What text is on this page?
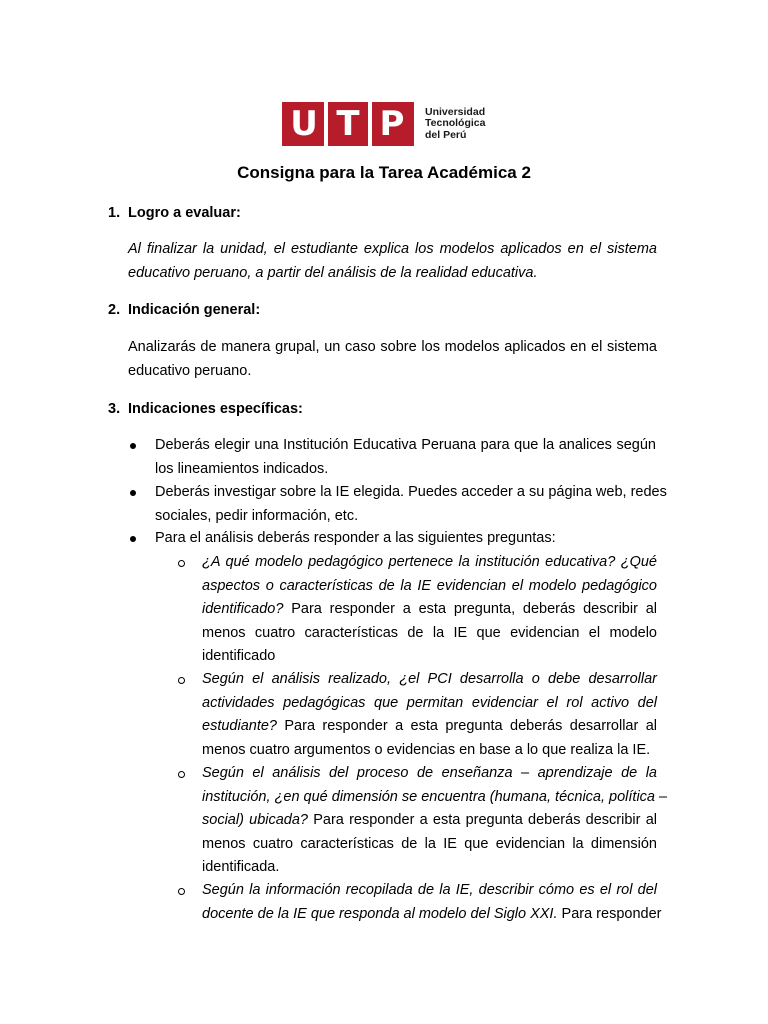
U T P	Universidad
Tecnológica
del Perú
Consigna para la Tarea Académica 2
1. Logro a evaluar:
Al finalizar la unidad, el estudiante explica los modelos aplicados en el sistema
educativo peruano, a partir del análisis de la realidad educativa.
2. Indicación general:
Analizarás de manera grupal, un caso sobre los modelos aplicados en el sistema
educativo peruano.
3. Indicaciones específicas:
Deberás elegir una Institución Educativa Peruana para que la analices según
los lineamientos indicados.
Deberás investigar sobre la IE elegida. Puedes acceder a su página web, redes
sociales, pedir información, etc.
Para el análisis deberás responder a las siguientes preguntas:
¿A qué modelo pedagógico pertenece la institución educativa? ¿Qué
aspectos o características de la IE evidencian el modelo pedagógico
identificado? Para responder a esta pregunta, deberás describir al
menos cuatro características de la IE que evidencian el modelo
identificado
Según el análisis realizado, ¿el PCI desarrolla o debe desarrollar
actividades pedagógicas que permitan evidenciar el rol activo del
estudiante? Para responder a esta pregunta deberás desarrollar al
menos cuatro argumentos o evidencias en base a lo que realiza la IE.
Según el análisis del proceso de enseñanza – aprendizaje de la
institución, ¿en qué dimensión se encuentra (humana, técnica, política –
social) ubicada? Para responder a esta pregunta deberás describir al
menos cuatro características de la IE que evidencian la dimensión
identificada.
Según la información recopilada de la IE, describir cómo es el rol del
docente de la IE que responda al modelo del Siglo XXI. Para responder
